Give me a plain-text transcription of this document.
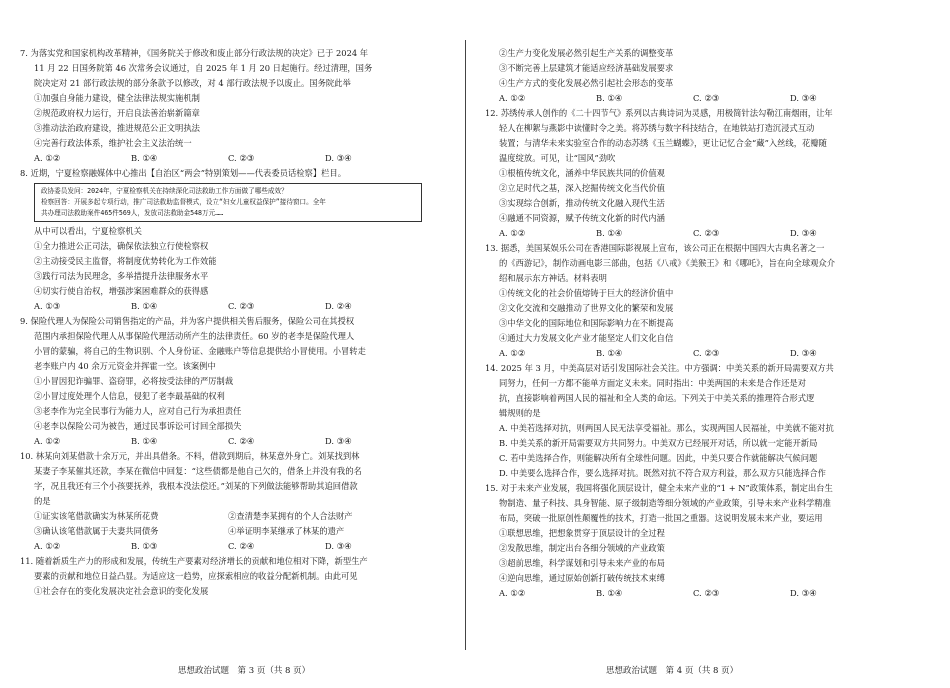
7. 为落实党和国家机构改革精神，《国务院关于修改和废止部分行政法规的决定》已于 2024 年
11 月 22 日国务院第 46 次常务会议通过，自 2025 年 1 月 20 日起施行。经过清理，国务
院决定对 21 部行政法规的部分条款予以修改，对 4 部行政法规予以废止。国务院此举
①加强自身能力建设，健全法律法规实施机制
②规范政府权力运行，开启良法善治崭新篇章
③推动法治政府建设，推进规范公正文明执法
④完善行政法体系，维护社会主义法治统一
A. ①②	B. ①④	C. ②③	D. ③④
8. 近期，宁夏检察融媒体中心推出【自治区“两会”特别策划——代表委员话检察】栏目。
政协委员发问：2024年，宁夏检察机关在持续深化司法救助工作方面做了哪些成效？
检察回答：开展多起专项行动，推广司法救助监督模式，设立“妇女儿童权益保护”接待窗口。全年
共办理司法救助案件465件569人，发放司法救助金548万元……
从中可以看出，宁夏检察机关
①全力推进公正司法，确保依法独立行使检察权
②主动接受民主监督，将制度优势转化为工作效能
③践行司法为民理念，多举措提升法律服务水平
④切实行使自治权，增强涉案困难群众的获得感
A. ①③	B. ①④	C. ②③	D. ②④
9. 保险代理人为保险公司销售指定的产品，并为客户提供相关售后服务，保险公司在其授权
范围内承担保险代理人从事保险代理活动所产生的法律责任。60 岁的老李是保险代理人
小冒的蒙骗，将自己的生物识别、个人身份证、金融账户等信息提供给小冒使用。小冒转走
老李账户内 40 余万元资金并挥霍一空。该案例中
①小冒因犯诈骗罪、盗窃罪，必将按受法律的严厉制裁
②小冒过度处理个人信息，侵犯了老李最基础的权利
③老李作为完全民事行为能力人，应对自己行为承担责任
④老李以保险公司为被告，通过民事诉讼可讨回全部损失
A. ①②	B. ①④	C. ②④	D. ③④
10. 林某向刘某借款十余万元，并出具借条。不料，借款到期后，林某意外身亡。刘某找到林
某妻子李某催其还款，李某在微信中回复：“这些债都是他自己欠的，借条上并没有我的名
字，况且我还有三个小孩要抚养，我根本没法偿还。”刘某的下列做法能够帮助其追回借款
的是
①证实该笔借款确实为林某所花费	②查清楚李某拥有的个人合法财产
③确认该笔借款属于夫妻共同债务	④举证明李某继承了林某的遗产
A. ①②	B. ①③	C. ②④	D. ③④
11. 随着新质生产力的形成和发展，传统生产要素对经济增长的贡献和地位相对下降，新型生产
要素的贡献和地位日益凸显。为适应这一趋势，应探索相应的收益分配新机制。由此可见
①社会存在的变化发展决定社会意识的变化发展
②生产力变化发展必然引起生产关系的调整变革
③不断完善上层建筑才能适应经济基础发展要求
④生产方式的变化发展必然引起社会形态的变革
A. ①②	B. ①④	C. ②③	D. ③④
12. 苏绣传承人创作的《二十四节气》系列以古典诗词为灵感，用极简针法勾勒江南烟雨，让年
轻人在柳絮与燕影中读懂时令之美。将苏绣与数字科技结合，在地铁站打造沉浸式互动
装置；与清华未来实验室合作的动态苏绣《玉兰蝴蝶》，更让记忆合金“藏”入丝线，花瓣随
温度绽放。可见，让“国风”劲吹
①根植传统文化，涵养中华民族共同的价值观
②立足时代之基，深入挖掘传统文化当代价值
③实现综合创新，推动传统文化融入现代生活
④融通不同资源，赋予传统文化新的时代内涵
A. ①②	B. ①④	C. ②③	D. ③④
13. 据悉，美国某娱乐公司在香港国际影视展上宣布，该公司正在根据中国四大古典名著之一
的《西游记》，制作动画电影三部曲，包括《八戒》《美猴王》和《哪吒》，旨在向全球观众介
绍和展示东方神话。材料表明
①传统文化的社会价值熔铸于巨大的经济价值中
②文化交流和交融推动了世界文化的繁荣和发展
③中华文化的国际地位和国际影响力在不断提高
④通过大力发展文化产业才能坚定人们文化自信
A. ①②	B. ①④	C. ②③	D. ③④
14. 2025 年 3 月，中美高层对话引发国际社会关注。中方强调：中美关系的新开局需要双方共
同努力，任何一方都不能单方面定义未来。同时指出：中美两国的未来是合作还是对
抗，直接影响着两国人民的福祉和全人类的命运。下列关于中美关系的推理符合形式逻
辑规则的是
A. 中美若选择对抗，则两国人民无法享受福祉。那么，实现两国人民福祉，中美就不能对抗
B. 中美关系的新开局需要双方共同努力。中美双方已经展开对话，所以就一定能开新局
C. 若中美选择合作，则能解决所有全球性问题。因此，中美只要合作就能解决气候问题
D. 中美要么选择合作，要么选择对抗。既然对抗不符合双方利益，那么双方只能选择合作
15. 对于未来产业发展，我国将强化顶层设计，健全未来产业的“1 + N”政策体系，制定出台生
物制造、量子科技、具身智能、原子级制造等细分领域的产业政策，引导未来产业科学精准
布局，突破一批原创性颠覆性的技术，打造一批国之重器。这说明发展未来产业，要运用
①联想思维，把想象贯穿于顶层设计的全过程
②发散思维，制定出台各细分领域的产业政策
③超前思维，科学谋划和引导未来产业的布局
④逆向思维，通过原始创新打破传统技术束缚
A. ①②	B. ①④	C. ②③	D. ③④
思想政治试题　第 3 页（共 8 页）	思想政治试题　第 4 页（共 8 页）
